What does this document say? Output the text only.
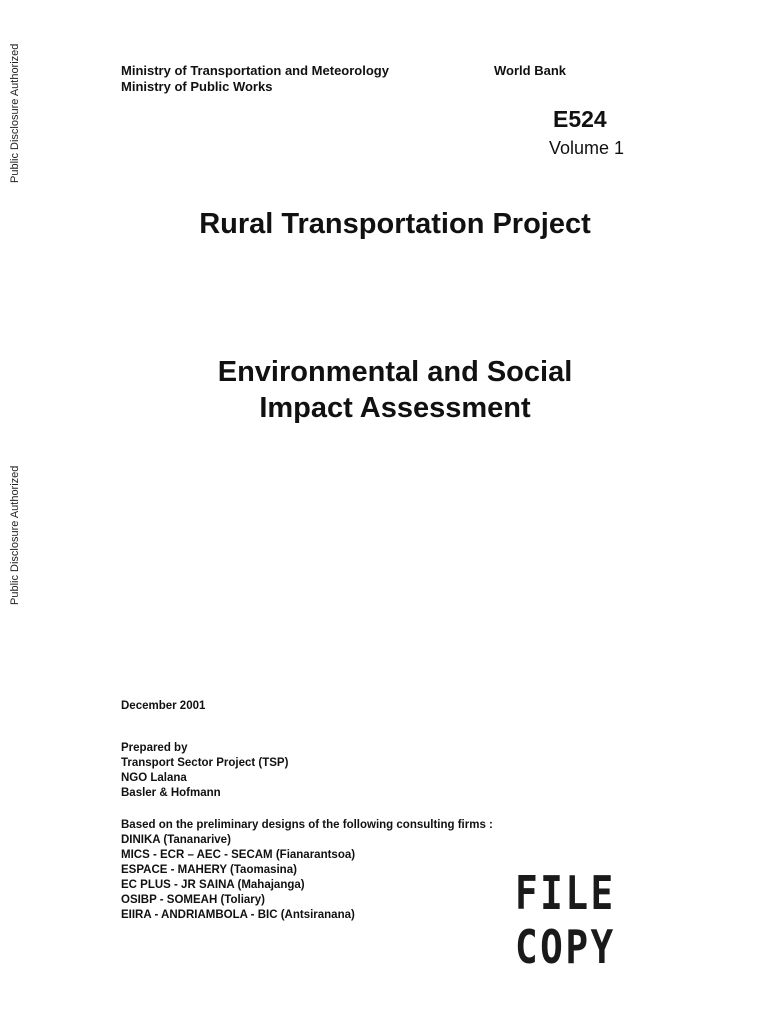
Public Disclosure Authorized
Public Disclosure Authorized
Ministry of Transportation and Meteorology
Ministry of Public Works
World Bank
E524
Volume 1
Rural Transportation Project
Environmental and Social
Impact Assessment
December 2001
Prepared by
Transport Sector Project (TSP)
NGO Lalana
Basler & Hofmann
Based on the preliminary designs of the following consulting firms :
DINIKA (Tananarive)
MICS - ECR – AEC - SECAM (Fianarantsoa)
ESPACE - MAHERY (Taomasina)
EC PLUS - JR SAINA (Mahajanga)
OSIBP - SOMEAH (Toliary)
EIIRA - ANDRIAMBOLA - BIC (Antsiranana)	FILE COPY
